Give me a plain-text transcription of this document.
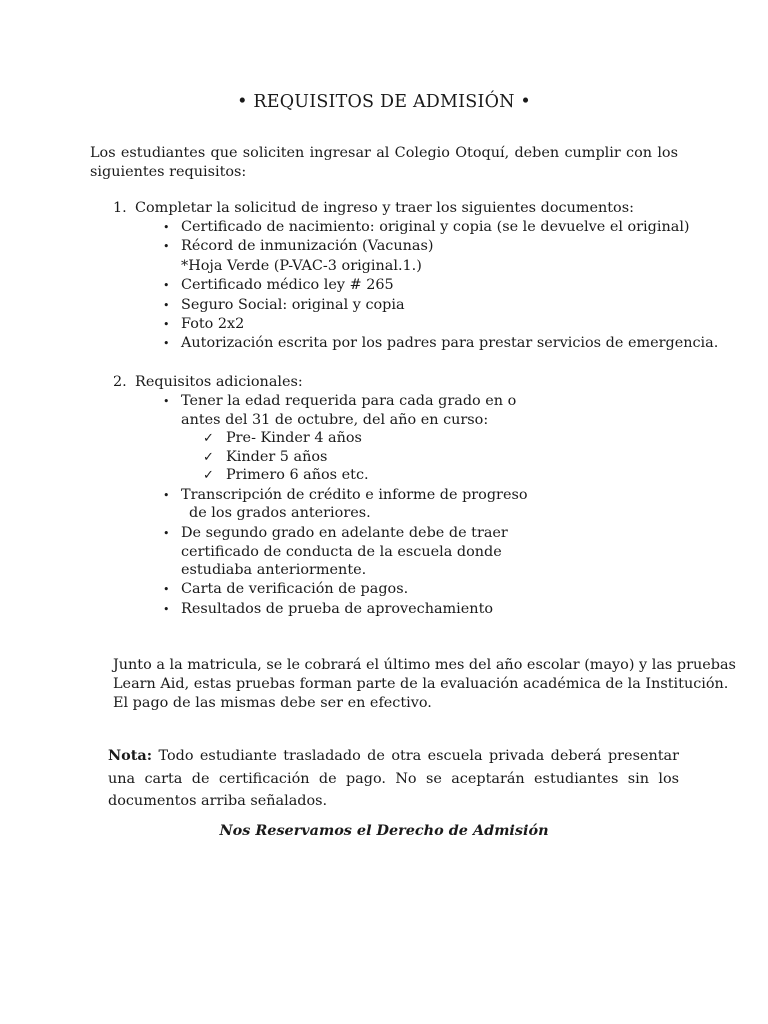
• REQUISITOS DE ADMISIÓN •
Los estudiantes que soliciten ingresar al Colegio Otoquí, deben cumplir con los siguientes requisitos:
1. Completar la solicitud de ingreso y traer los siguientes documentos:
• Certificado de nacimiento: original y copia (se le devuelve el original)
• Récord de inmunización (Vacunas)
*Hoja Verde (P-VAC-3 original.1.)
• Certificado médico ley # 265
• Seguro Social: original y copia
• Foto 2x2
• Autorización escrita por los padres para prestar servicios de emergencia.
2. Requisitos adicionales:
• Tener la edad requerida para cada grado en o
antes del 31 de octubre, del año en curso:
✓ Pre- Kinder 4 años
✓ Kinder 5 años
✓ Primero 6 años etc.
• Transcripción de crédito e informe de progreso
de los grados anteriores.
• De segundo grado en adelante debe de traer
certificado de conducta de la escuela donde
estudiaba anteriormente.
• Carta de verificación de pagos.
• Resultados de prueba de aprovechamiento
Junto a la matricula, se le cobrará el último mes del año escolar (mayo) y las pruebas
Learn Aid, estas pruebas forman parte de la evaluación académica de la Institución.
El pago de las mismas debe ser en efectivo.
Nota: Todo estudiante trasladado de otra escuela privada deberá presentar una carta de certificación de pago. No se aceptarán estudiantes sin los documentos arriba señalados.
Nos Reservamos el Derecho de Admisión
